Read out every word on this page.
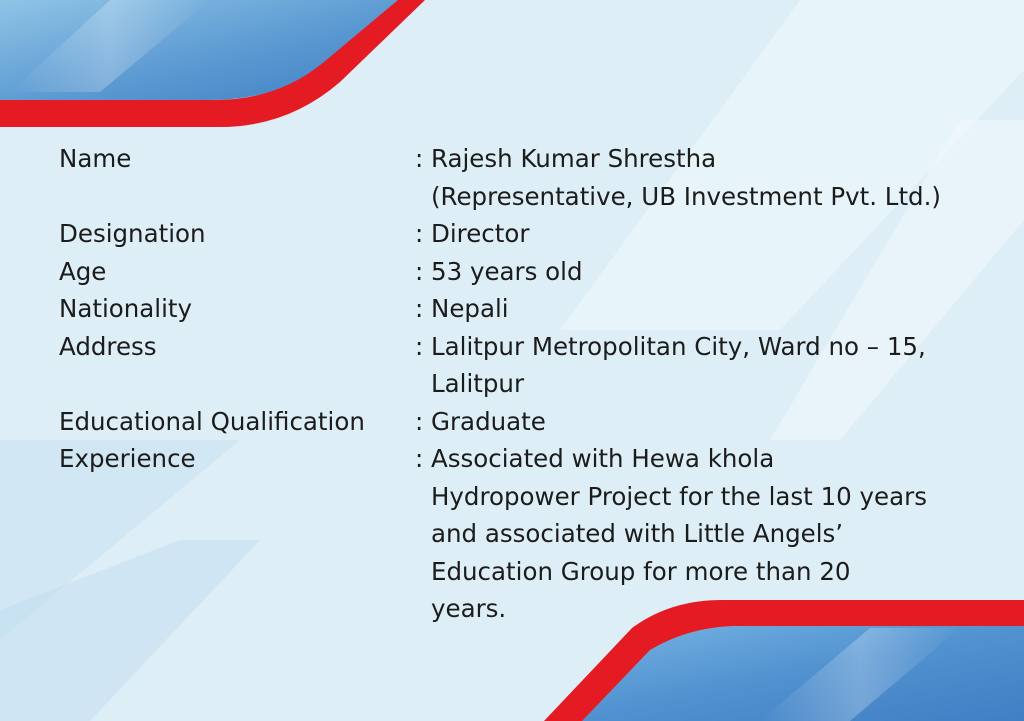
Name	: Rajesh Kumar Shrestha
(Representative, UB Investment Pvt. Ltd.)
Designation	: Director
Age	: 53 years old
Nationality	: Nepali
Address	: Lalitpur Metropolitan City, Ward no – 15,
Lalitpur
Educational Qualification	: Graduate
Experience	: Associated with Hewa khola
Hydropower Project for the last 10 years
and associated with Little Angels’
Education Group for more than 20
years.
